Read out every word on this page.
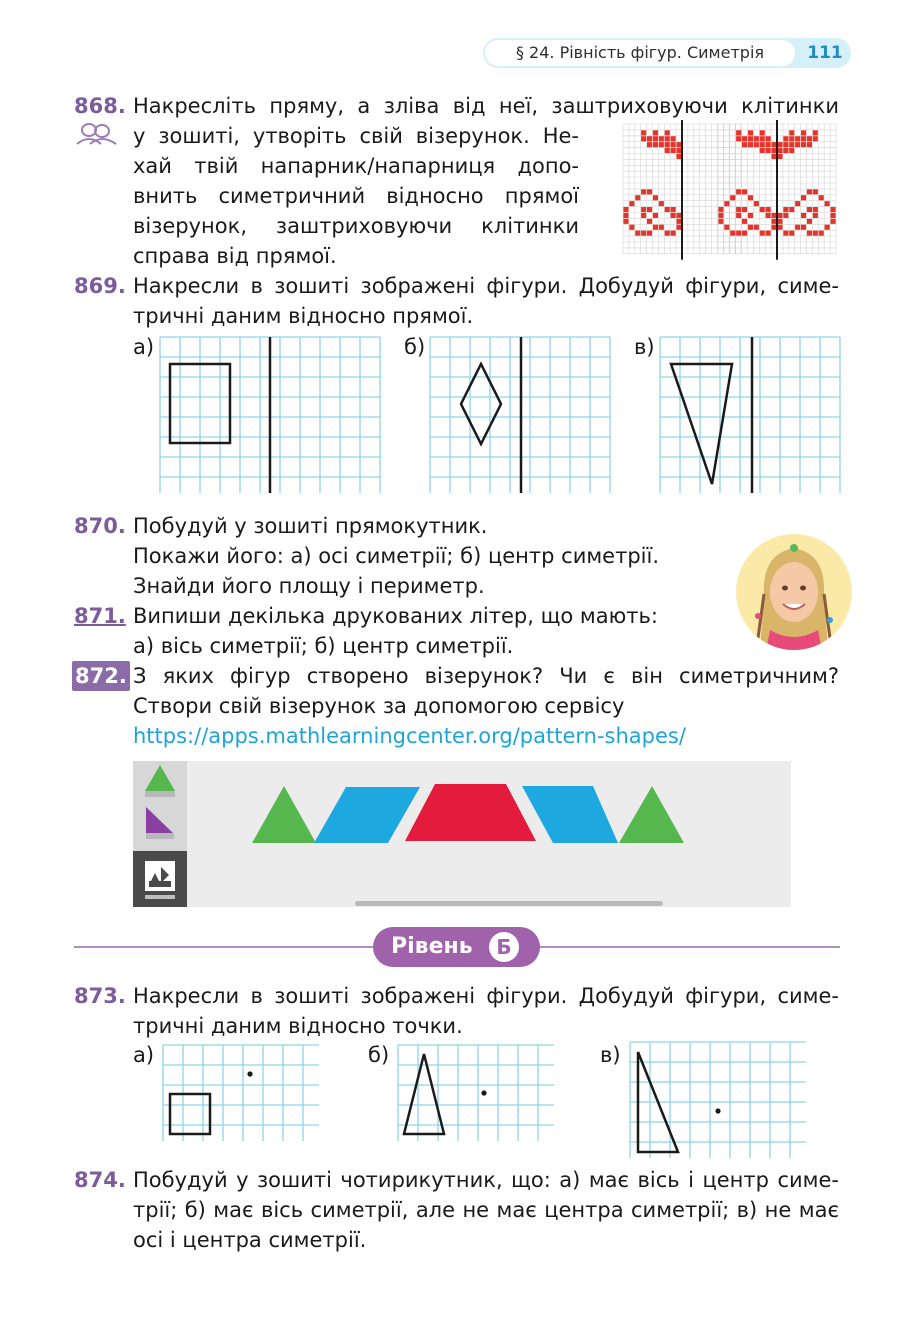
§ 24. Рівність фігур. Симетрія	111
868. Накресліть пряму, а зліва від неї, заштриховуючи клітинки
у зошиті, утворіть свій візерунок. Не-
хай твій напарник/напарниця допо-
внить симетричний відносно прямої
візерунок, заштриховуючи клітинки
справа від прямої.
869. Накресли в зошиті зображені фігури. Добудуй фігури, симе-
тричні даним відносно прямої.
а)	б)	в)
870. Побудуй у зошиті прямокутник.
Покажи його: а) осі симетрії; б) центр симетрії.
Знайди його площу і периметр.
871. Випиши декілька друкованих літер, що мають:
а) вісь симетрії; б) центр симетрії.
872. З яких фігур створено візерунок? Чи є він симетричним?
Створи свій візерунок за допомогою сервісу
https://apps.mathlearningcenter.org/pattern-shapes/
Рівень	Б
873. Накресли в зошиті зображені фігури. Добудуй фігури, симе-
тричні даним відносно точки.
а)	б)	в)
874. Побудуй у зошиті чотирикутник, що: а) має вісь і центр симе-
трії; б) має вісь симетрії, але не має центра симетрії; в) не має
осі і центра симетрії.
